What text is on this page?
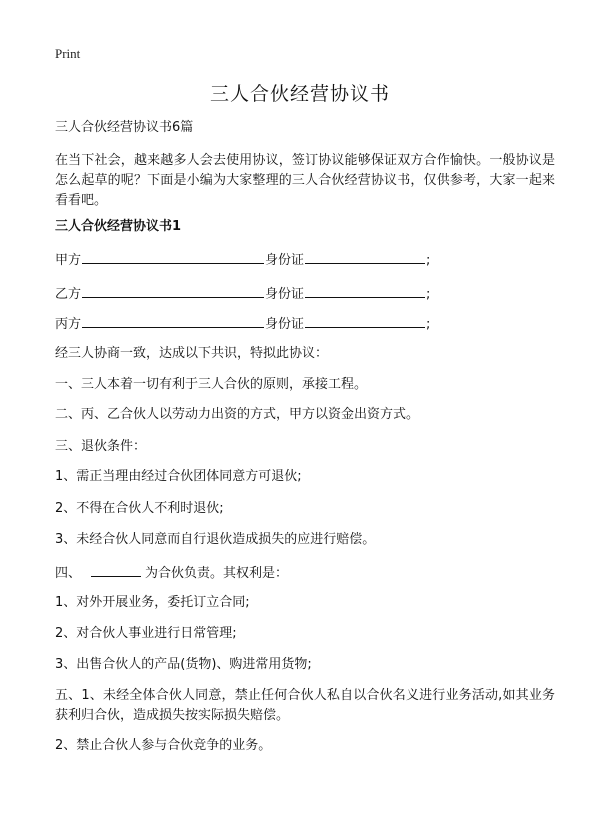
Print
三人合伙经营协议书
三人合伙经营协议书6篇
在当下社会，越来越多人会去使用协议，签订协议能够保证双方合作愉快。一般协议是怎么起草的呢？下面是小编为大家整理的三人合伙经营协议书，仅供参考，大家一起来看看吧。
三人合伙经营协议书1
甲方	身份证	;
乙方	身份证	;
丙方	身份证	;
经三人协商一致，达成以下共识，特拟此协议：
一、三人本着一切有利于三人合伙的原则，承接工程。
二、丙、乙合伙人以劳动力出资的方式，甲方以资金出资方式。
三、退伙条件：
1、需正当理由经过合伙团体同意方可退伙;
2、不得在合伙人不利时退伙;
3、未经合伙人同意而自行退伙造成损失的应进行赔偿。
四、	为合伙负责。其权利是：
1、对外开展业务，委托订立合同;
2、对合伙人事业进行日常管理;
3、出售合伙人的产品(货物)、购进常用货物;
五、1、未经全体合伙人同意，禁止任何合伙人私自以合伙名义进行业务活动,如其业务获利归合伙，造成损失按实际损失赔偿。
2、禁止合伙人参与合伙竞争的业务。
